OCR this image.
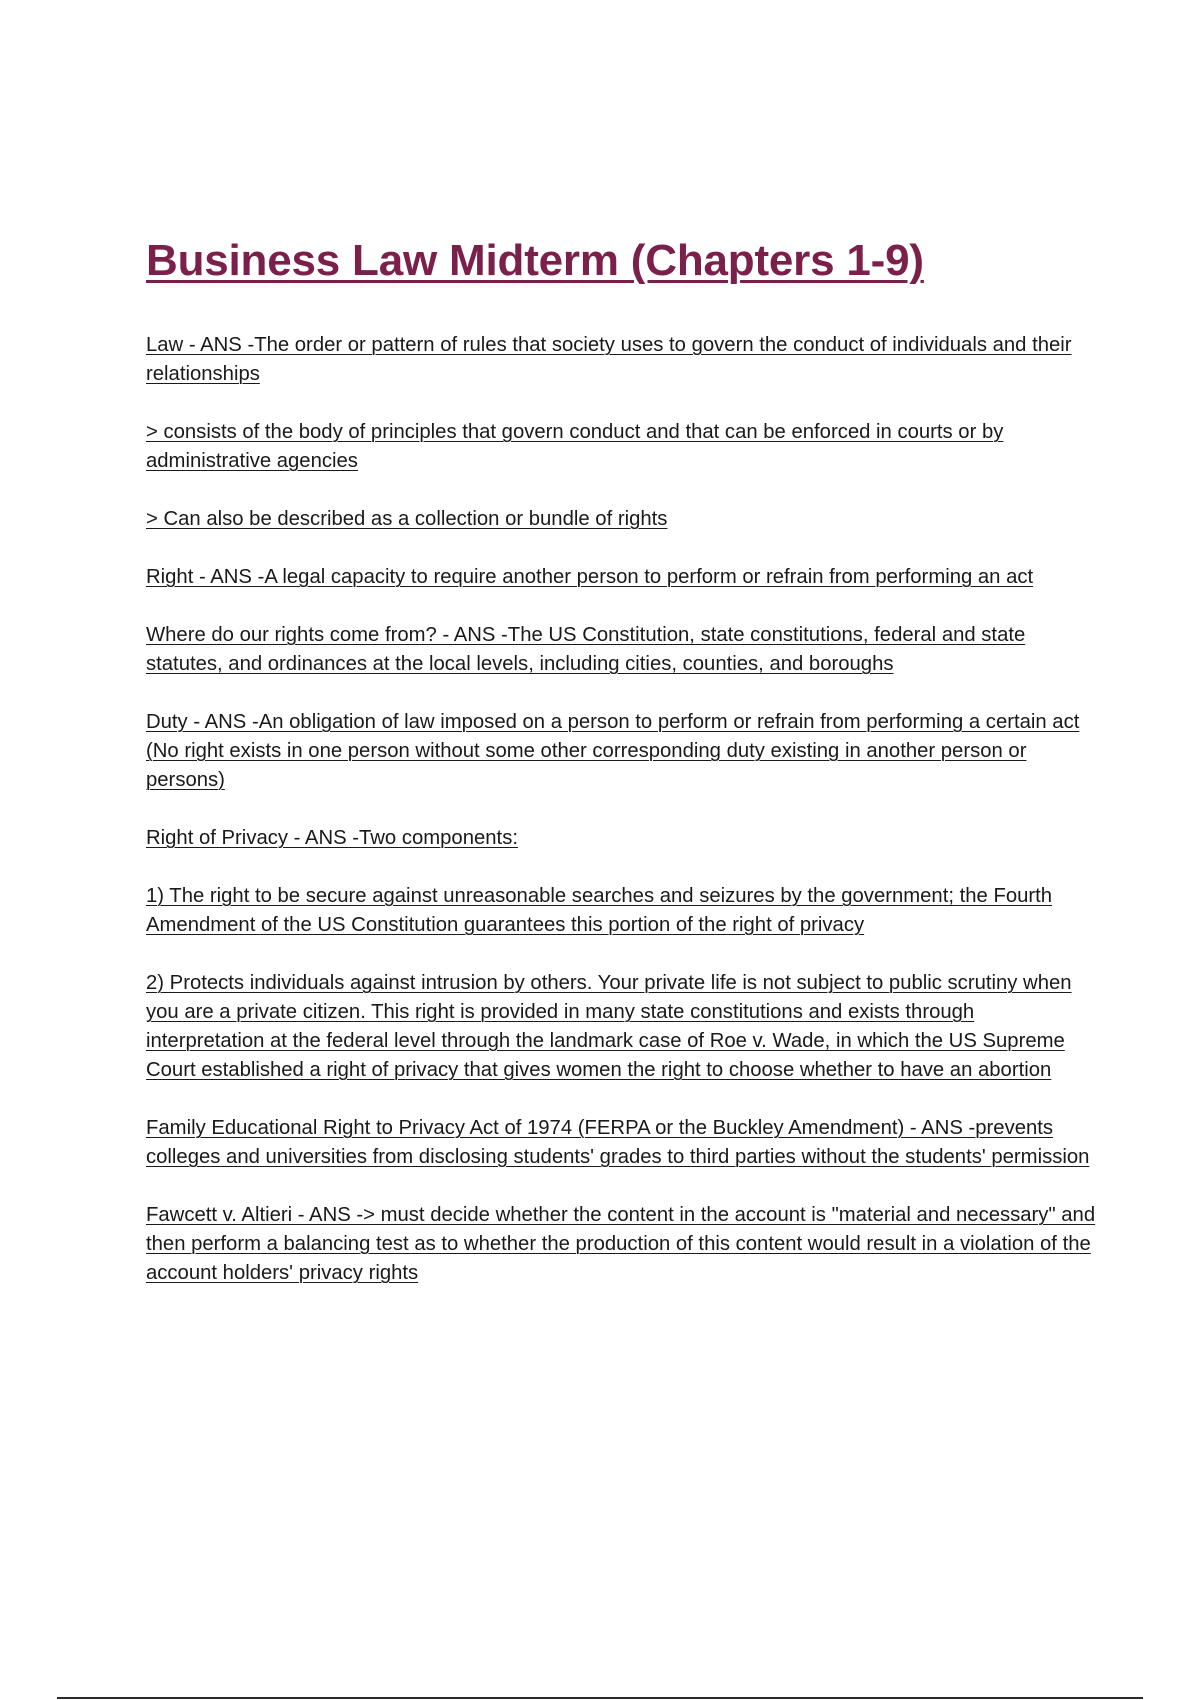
Business Law Midterm (Chapters 1-9)

Law - ANS -The order or pattern of rules that society uses to govern the conduct of individuals and their relationships

> consists of the body of principles that govern conduct and that can be enforced in courts or by administrative agencies

> Can also be described as a collection or bundle of rights

Right - ANS -A legal capacity to require another person to perform or refrain from performing an act

Where do our rights come from? - ANS -The US Constitution, state constitutions, federal and state statutes, and ordinances at the local levels, including cities, counties, and boroughs

Duty - ANS -An obligation of law imposed on a person to perform or refrain from performing a certain act

(No right exists in one person without some other corresponding duty existing in another person or persons)

Right of Privacy - ANS -Two components:

1) The right to be secure against unreasonable searches and seizures by the government; the Fourth Amendment of the US Constitution guarantees this portion of the right of privacy

2) Protects individuals against intrusion by others. Your private life is not subject to public scrutiny when you are a private citizen. This right is provided in many state constitutions and exists through interpretation at the federal level through the landmark case of Roe v. Wade, in which the US Supreme Court established a right of privacy that gives women the right to choose whether to have an abortion

Family Educational Right to Privacy Act of 1974 (FERPA or the Buckley Amendment) - ANS -prevents colleges and universities from disclosing students' grades to third parties without the students' permission

Fawcett v. Altieri - ANS -> must decide whether the content in the account is "material and necessary" and then perform a balancing test as to whether the production of this content would result in a violation of the account holders' privacy rights
